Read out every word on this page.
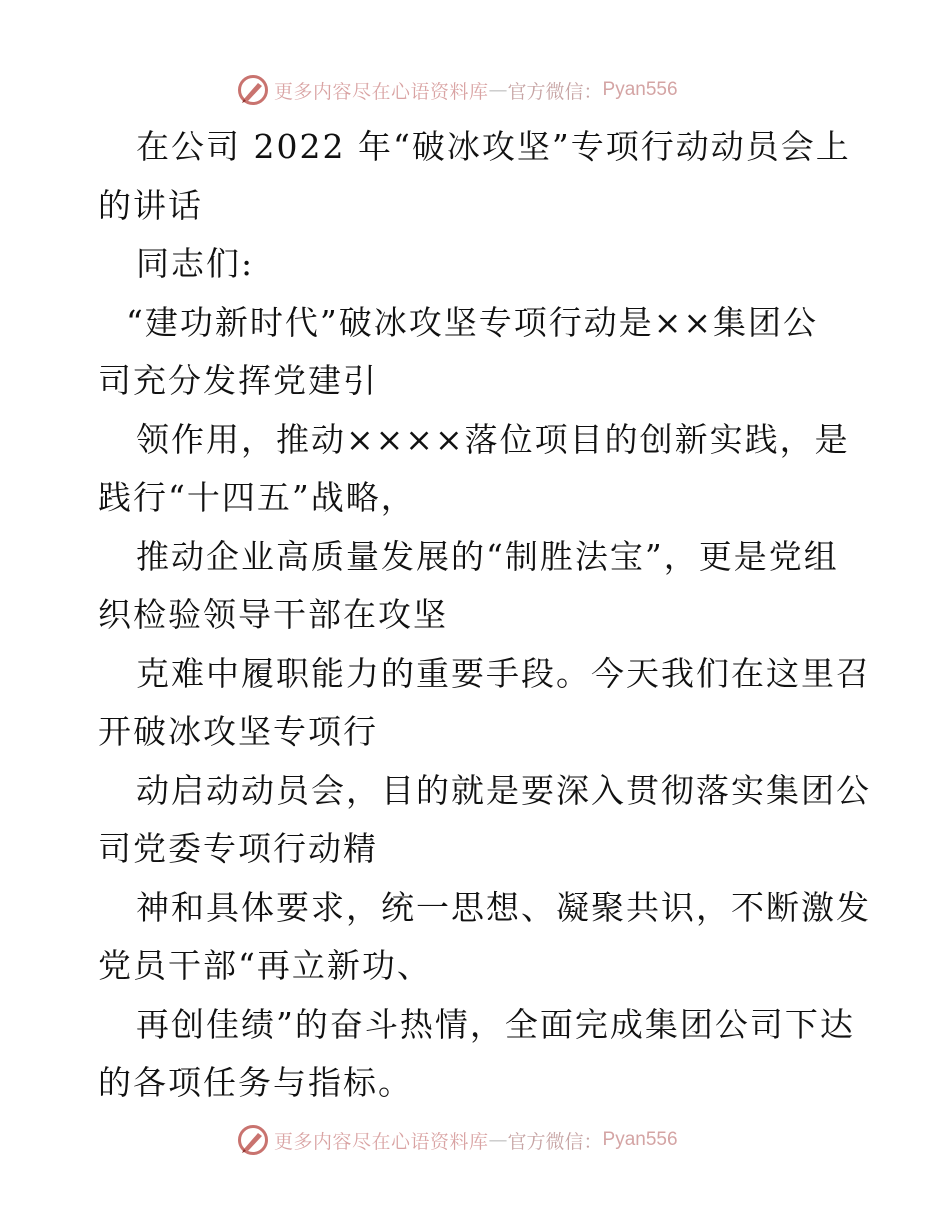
更多内容尽在心语资料库 — 官方微信： Pyan556
在公司 2022 年“破冰攻坚”专项行动动员会上
的讲话
同志们:
“建功新时代”破冰攻坚专项行动是××集团公
司充分发挥党建引
领作用，推动××××落位项目的创新实践，是
践行“十四五”战略，
推动企业高质量发展的“制胜法宝”，更是党组
织检验领导干部在攻坚
克难中履职能力的重要手段。今天我们在这里召
开破冰攻坚专项行
动启动动员会，目的就是要深入贯彻落实集团公
司党委专项行动精
神和具体要求，统一思想、凝聚共识，不断激发
党员干部“再立新功、
再创佳绩”的奋斗热情，全面完成集团公司下达
的各项任务与指标。
更多内容尽在心语资料库 — 官方微信： Pyan556
